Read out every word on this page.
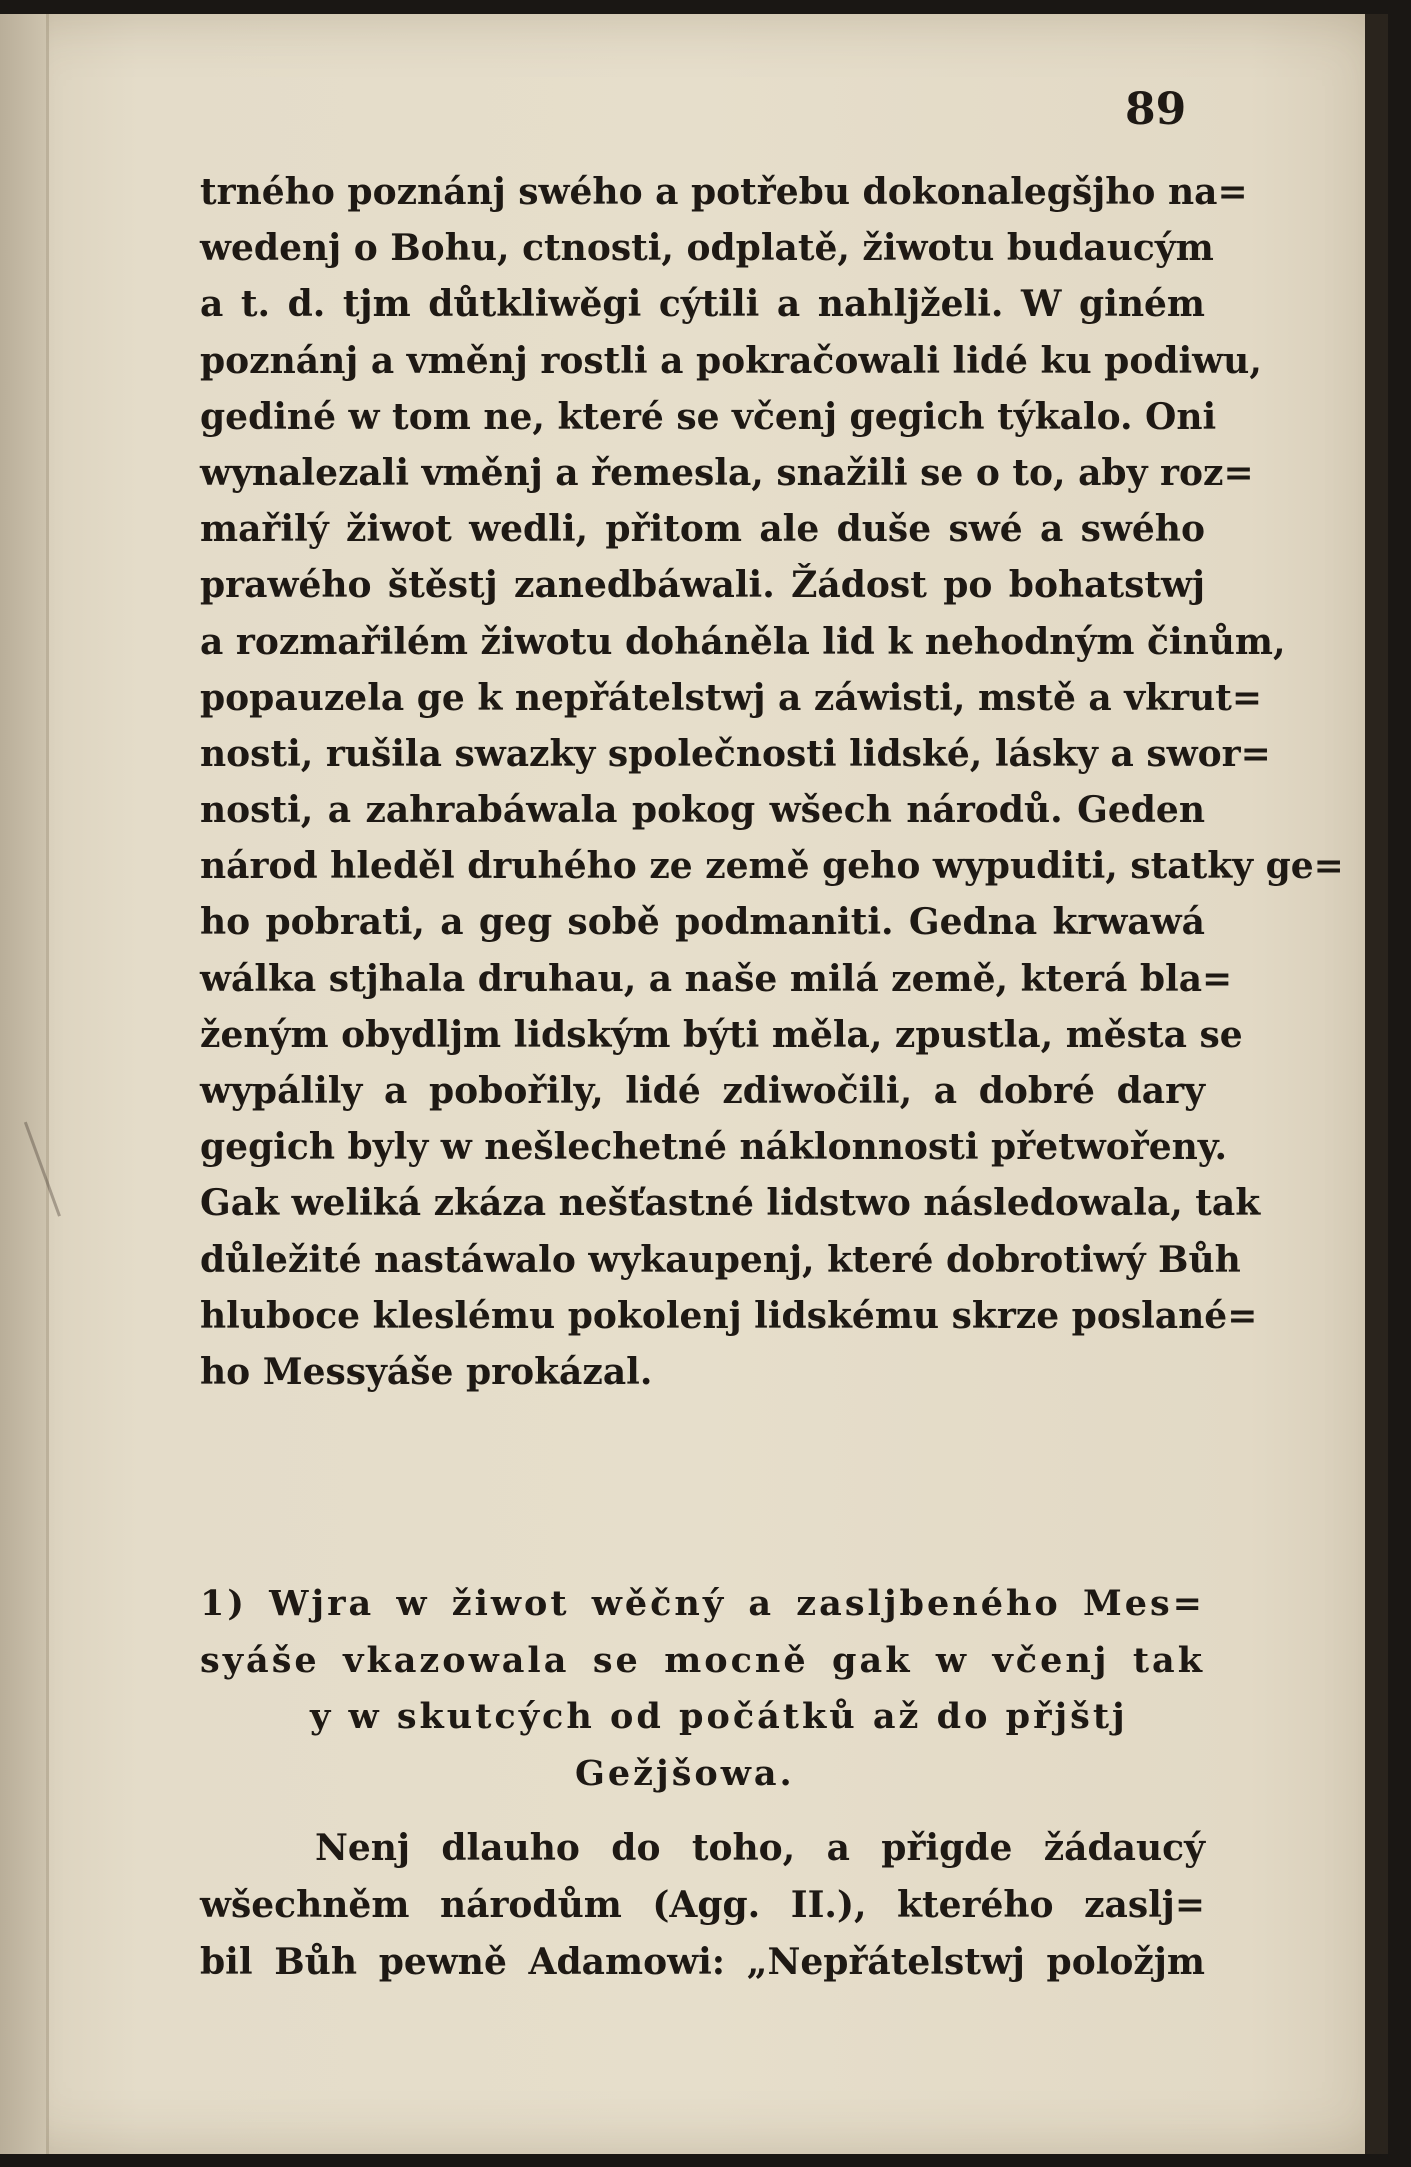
89
trného poznánj swého a potřebu dokonalegšjho na=
wedenj o Bohu, ctnosti, odplatě, žiwotu budaucým
a t. d. tjm důtkliwěgi cýtili a nahljželi. W giném
poznánj a vměnj rostli a pokračowali lidé ku podiwu,
gediné w tom ne, které se včenj gegich týkalo. Oni
wynalezali vměnj a řemesla, snažili se o to, aby roz=
mařilý žiwot wedli, přitom ale duše swé a swého
prawého štěstj zanedbáwali. Žádost po bohatstwj
a rozmařilém žiwotu doháněla lid k nehodným činům,
popauzela ge k nepřátelstwj a záwisti, mstě a vkrut=
nosti, rušila swazky společnosti lidské, lásky a swor=
nosti, a zahrabáwala pokog wšech národů. Geden
národ hleděl druhého ze země geho wypuditi, statky ge=
ho pobrati, a geg sobě podmaniti. Gedna krwawá
wálka stjhala druhau, a naše milá země, která bla=
ženým obydljm lidským býti měla, zpustla, města se
wypálily a pobořily, lidé zdiwočili, a dobré dary
gegich byly w nešlechetné náklonnosti přetwořeny.
Gak weliká zkáza nešťastné lidstwo následowala, tak
důležité nastáwalo wykaupenj, které dobrotiwý Bůh
hluboce kleslému pokolenj lidskému skrze poslané=
ho Messyáše prokázal.
1) Wjra w žiwot wěčný a zasljbeného Mes=
syáše vkazowala se mocně gak w včenj tak
y w skutcých od počátků až do přjštj
Gežjšowa.
Nenj dlauho do toho, a přigde žádaucý
wšechněm národům (Agg. II.), kterého zaslj=
bil Bůh pewně Adamowi: „Nepřátelstwj položjm
